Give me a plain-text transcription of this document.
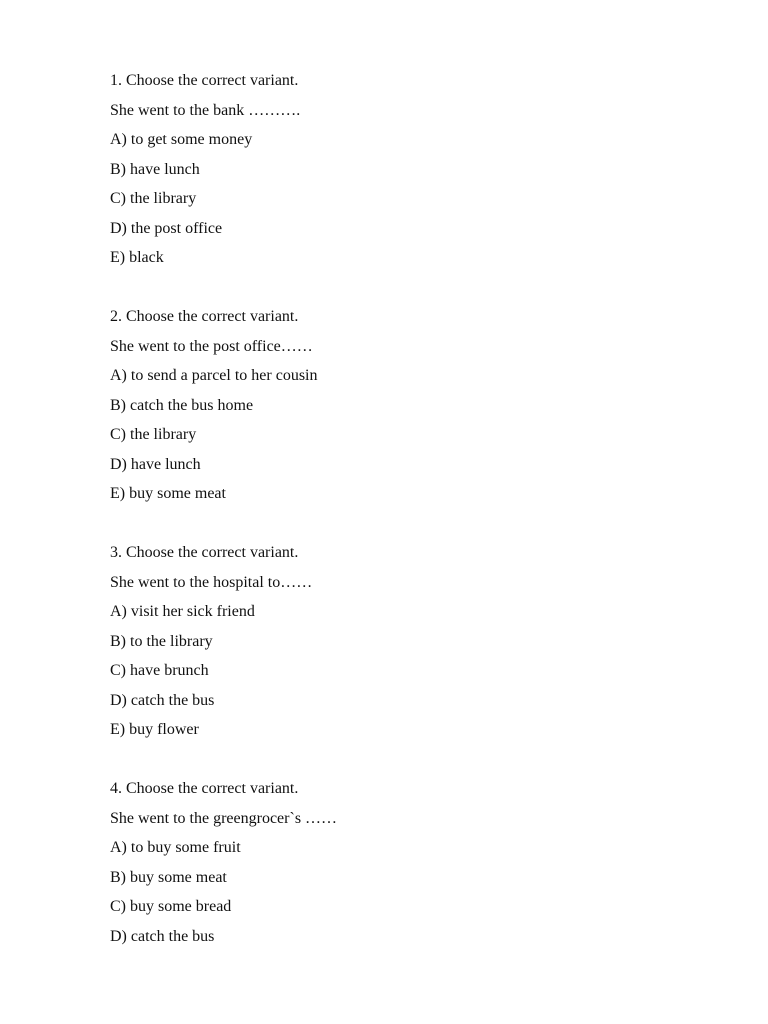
1. Choose the correct variant.
She went to the bank ……….
A) to get some money
B) have lunch
C) the library
D) the post office
E) black
2. Choose the correct variant.
She went to the post office……
A) to send a parcel to her cousin
B) catch the bus home
C) the library
D) have lunch
E) buy some meat
3. Choose the correct variant.
She went to the hospital to……
A) visit her sick friend
B) to the library
C) have brunch
D) catch the bus
E) buy flower
4. Choose the correct variant.
She went to the greengrocer`s ……
A) to buy some fruit
B) buy some meat
C) buy some bread
D) catch the bus
